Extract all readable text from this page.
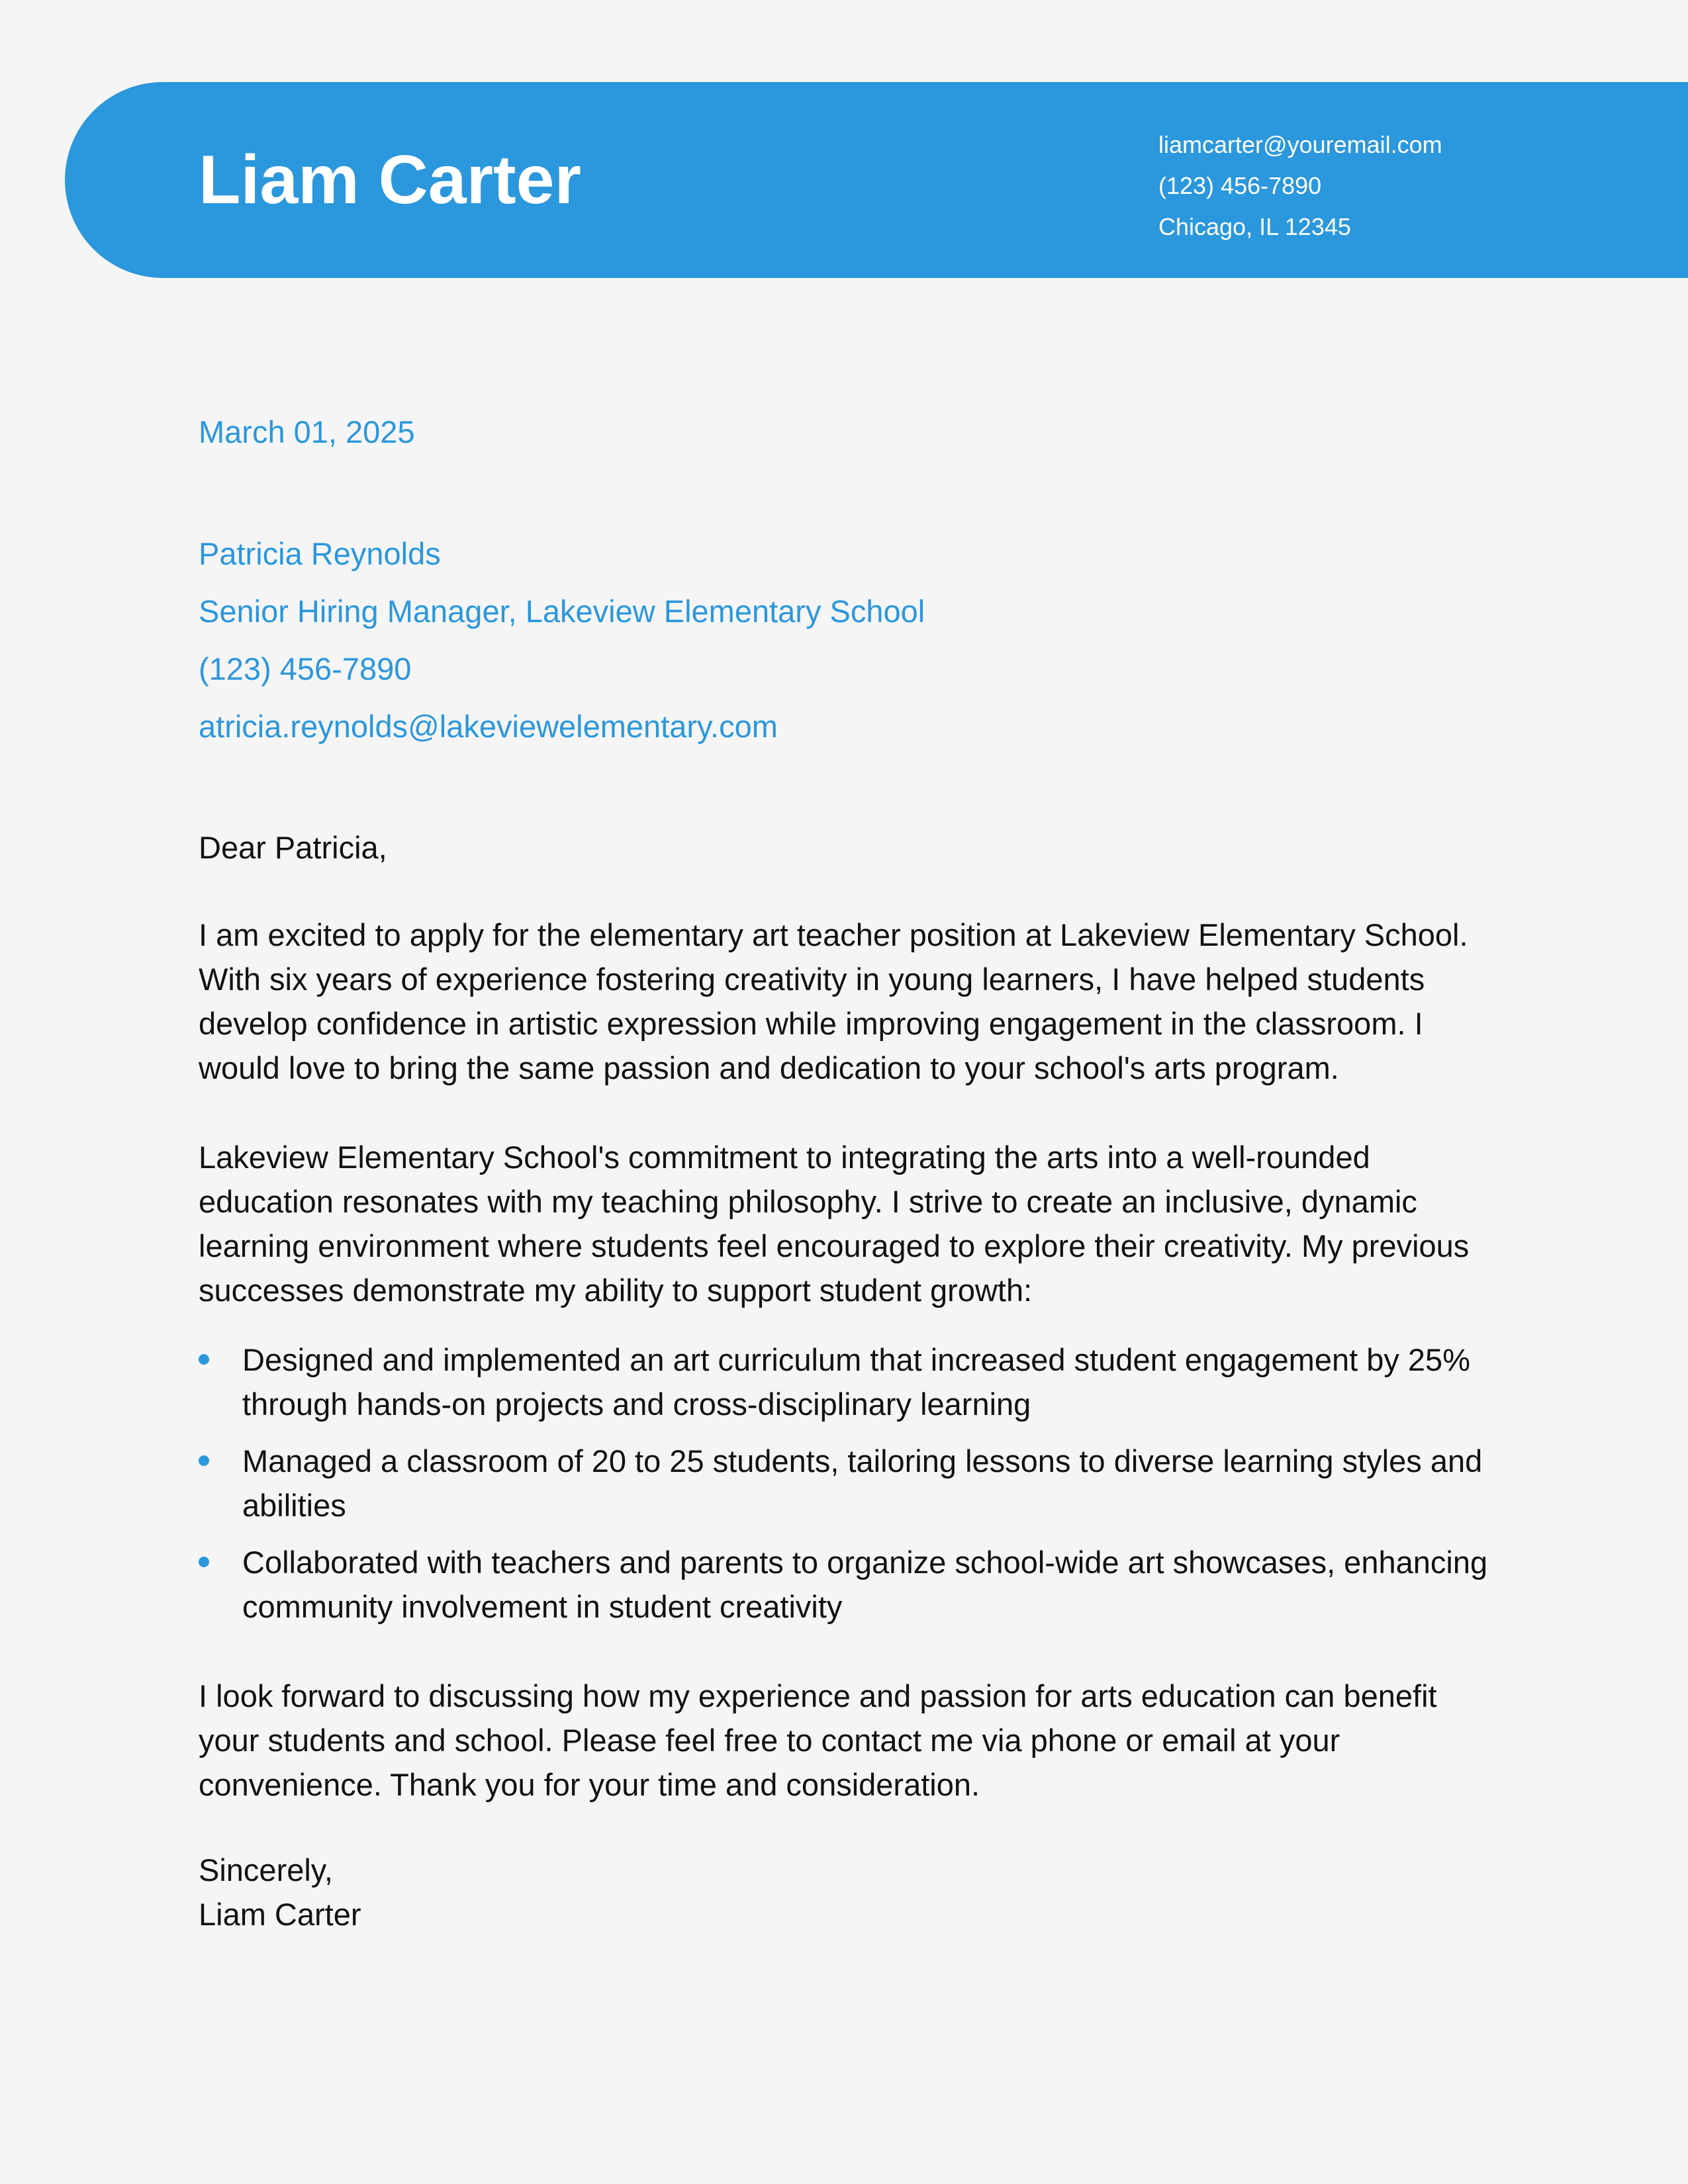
Liam Carter	liamcarter@youremail.com
(123) 456-7890
Chicago, IL 12345

March 01, 2025

Patricia Reynolds
Senior Hiring Manager, Lakeview Elementary School
(123) 456-7890
atricia.reynolds@lakeviewelementary.com

Dear Patricia,

I am excited to apply for the elementary art teacher position at Lakeview Elementary School. With six years of experience fostering creativity in young learners, I have helped students develop confidence in artistic expression while improving engagement in the classroom. I would love to bring the same passion and dedication to your school's arts program.

Lakeview Elementary School's commitment to integrating the arts into a well-rounded education resonates with my teaching philosophy. I strive to create an inclusive, dynamic learning environment where students feel encouraged to explore their creativity. My previous successes demonstrate my ability to support student growth:

Designed and implemented an art curriculum that increased student engagement by 25% through hands-on projects and cross-disciplinary learning
Managed a classroom of 20 to 25 students, tailoring lessons to diverse learning styles and abilities
Collaborated with teachers and parents to organize school-wide art showcases, enhancing community involvement in student creativity

I look forward to discussing how my experience and passion for arts education can benefit your students and school. Please feel free to contact me via phone or email at your convenience. Thank you for your time and consideration.

Sincerely,
Liam Carter
